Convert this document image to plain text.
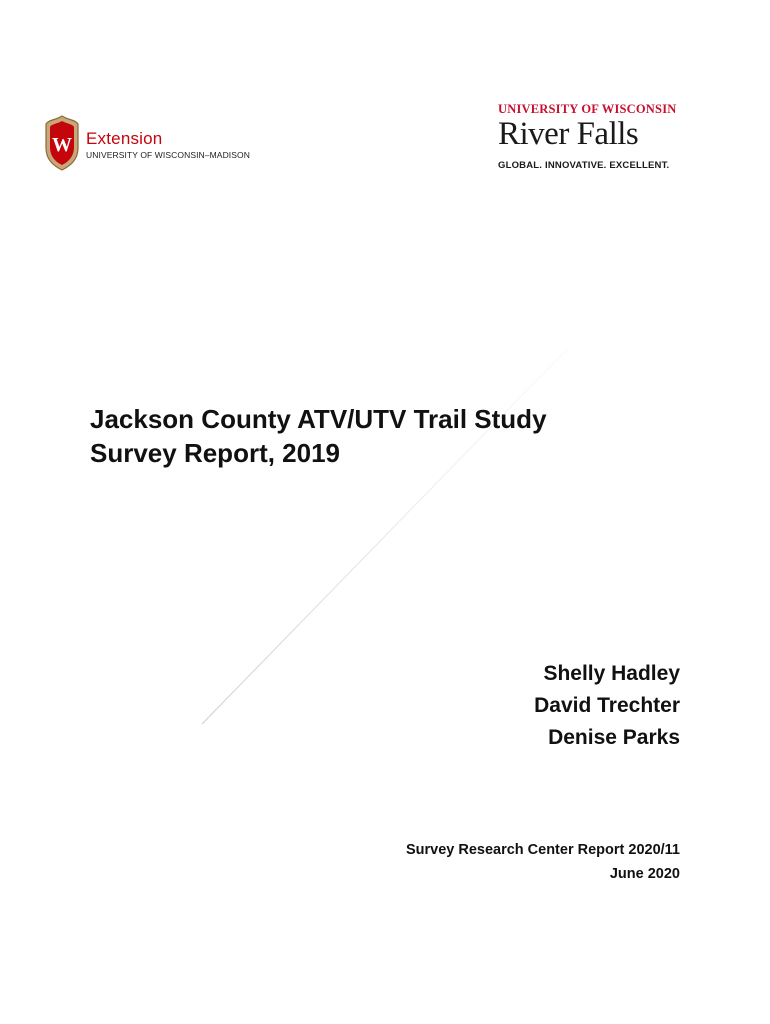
W Extension
UNIVERSITY OF WISCONSIN–MADISON
UNIVERSITY OF WISCONSIN
River Falls
GLOBAL. INNOVATIVE. EXCELLENT.
Jackson County ATV/UTV Trail Study
Survey Report, 2019
Shelly Hadley
David Trechter
Denise Parks
Survey Research Center Report 2020/11
June 2020
